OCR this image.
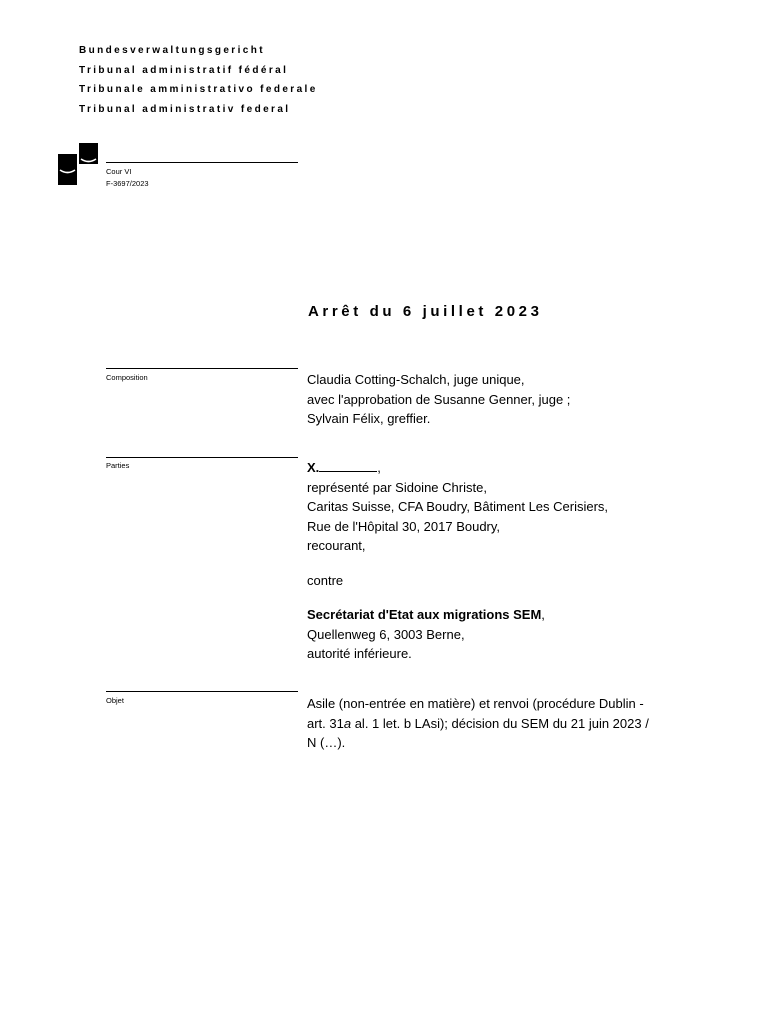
Bundesverwaltungsgericht
Tribunal administratif fédéral
Tribunale amministrativo federale
Tribunal administrativ federal
Cour VI
F-3697/2023
Arrêt du 6 juillet 2023
Composition	Claudia Cotting-Schalch, juge unique,

avec l'approbation de Susanne Genner, juge ;

Sylvain Félix, greffier.

Parties	X.	,

représenté par Sidoine Christe,

Caritas Suisse, CFA Boudry, Bâtiment Les Cerisiers,

Rue de l'Hôpital 30, 2017 Boudry,

recourant,

contre

Secrétariat d'Etat aux migrations SEM,

Quellenweg 6, 3003 Berne,

autorité inférieure.

Objet	Asile (non-entrée en matière) et renvoi (procédure Dublin -

art. 31a al. 1 let. b LAsi); décision du SEM du 21 juin 2023 /

N (…).
